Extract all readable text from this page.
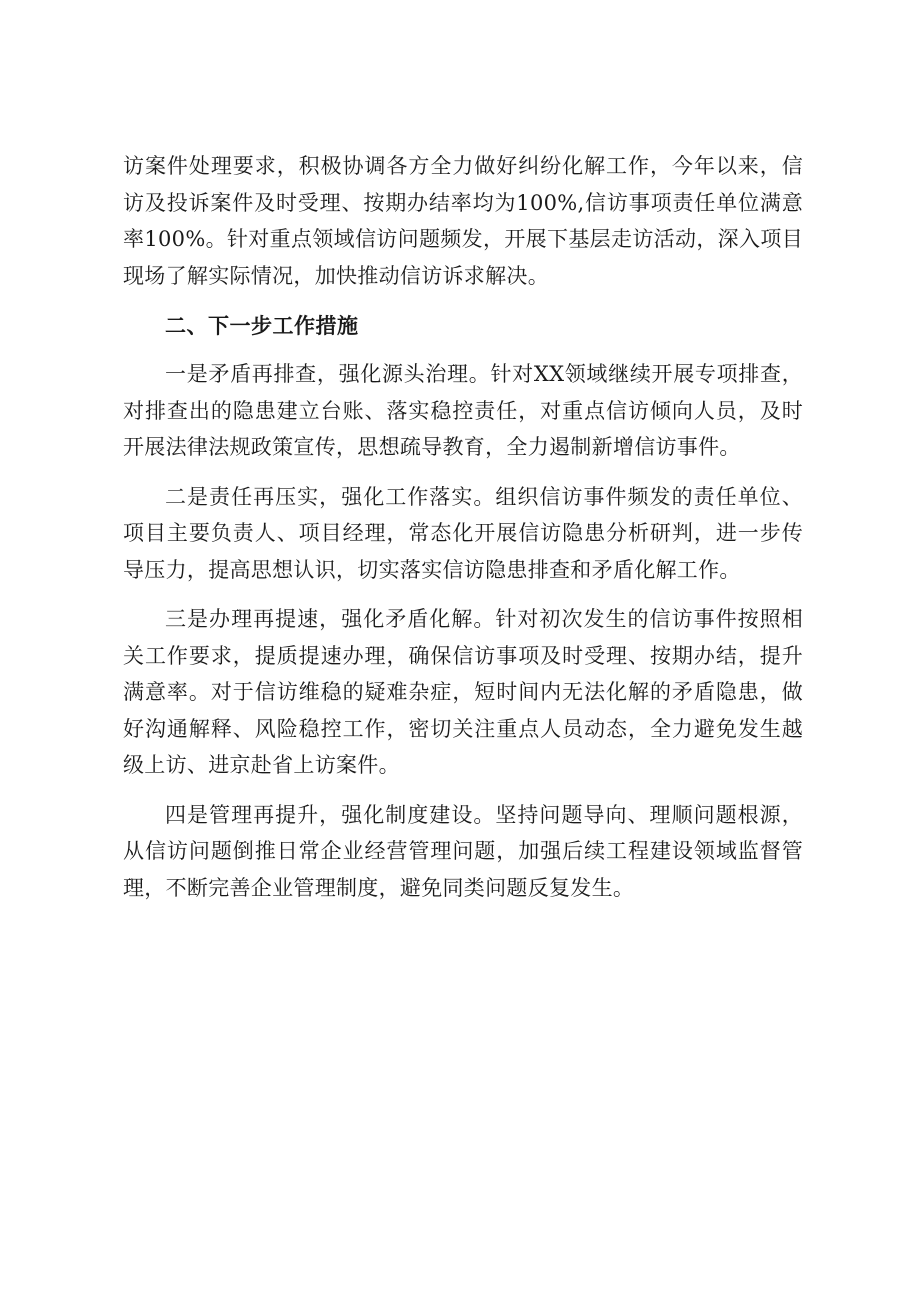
访案件处理要求，积极协调各方全力做好纠纷化解工作，今年以来，信访及投诉案件及时受理、按期办结率均为100%,信访事项责任单位满意率100%。针对重点领域信访问题频发，开展下基层走访活动，深入项目现场了解实际情况，加快推动信访诉求解决。

二、下一步工作措施

一是矛盾再排查，强化源头治理。针对XX领域继续开展专项排查，对排查出的隐患建立台账、落实稳控责任，对重点信访倾向人员，及时开展法律法规政策宣传，思想疏导教育，全力遏制新增信访事件。

二是责任再压实，强化工作落实。组织信访事件频发的责任单位、项目主要负责人、项目经理，常态化开展信访隐患分析研判，进一步传导压力，提高思想认识，切实落实信访隐患排查和矛盾化解工作。

三是办理再提速，强化矛盾化解。针对初次发生的信访事件按照相关工作要求，提质提速办理，确保信访事项及时受理、按期办结，提升满意率。对于信访维稳的疑难杂症，短时间内无法化解的矛盾隐患，做好沟通解释、风险稳控工作，密切关注重点人员动态，全力避免发生越级上访、进京赴省上访案件。

四是管理再提升，强化制度建设。坚持问题导向、理顺问题根源，从信访问题倒推日常企业经营管理问题，加强后续工程建设领域监督管理，不断完善企业管理制度，避免同类问题反复发生。
